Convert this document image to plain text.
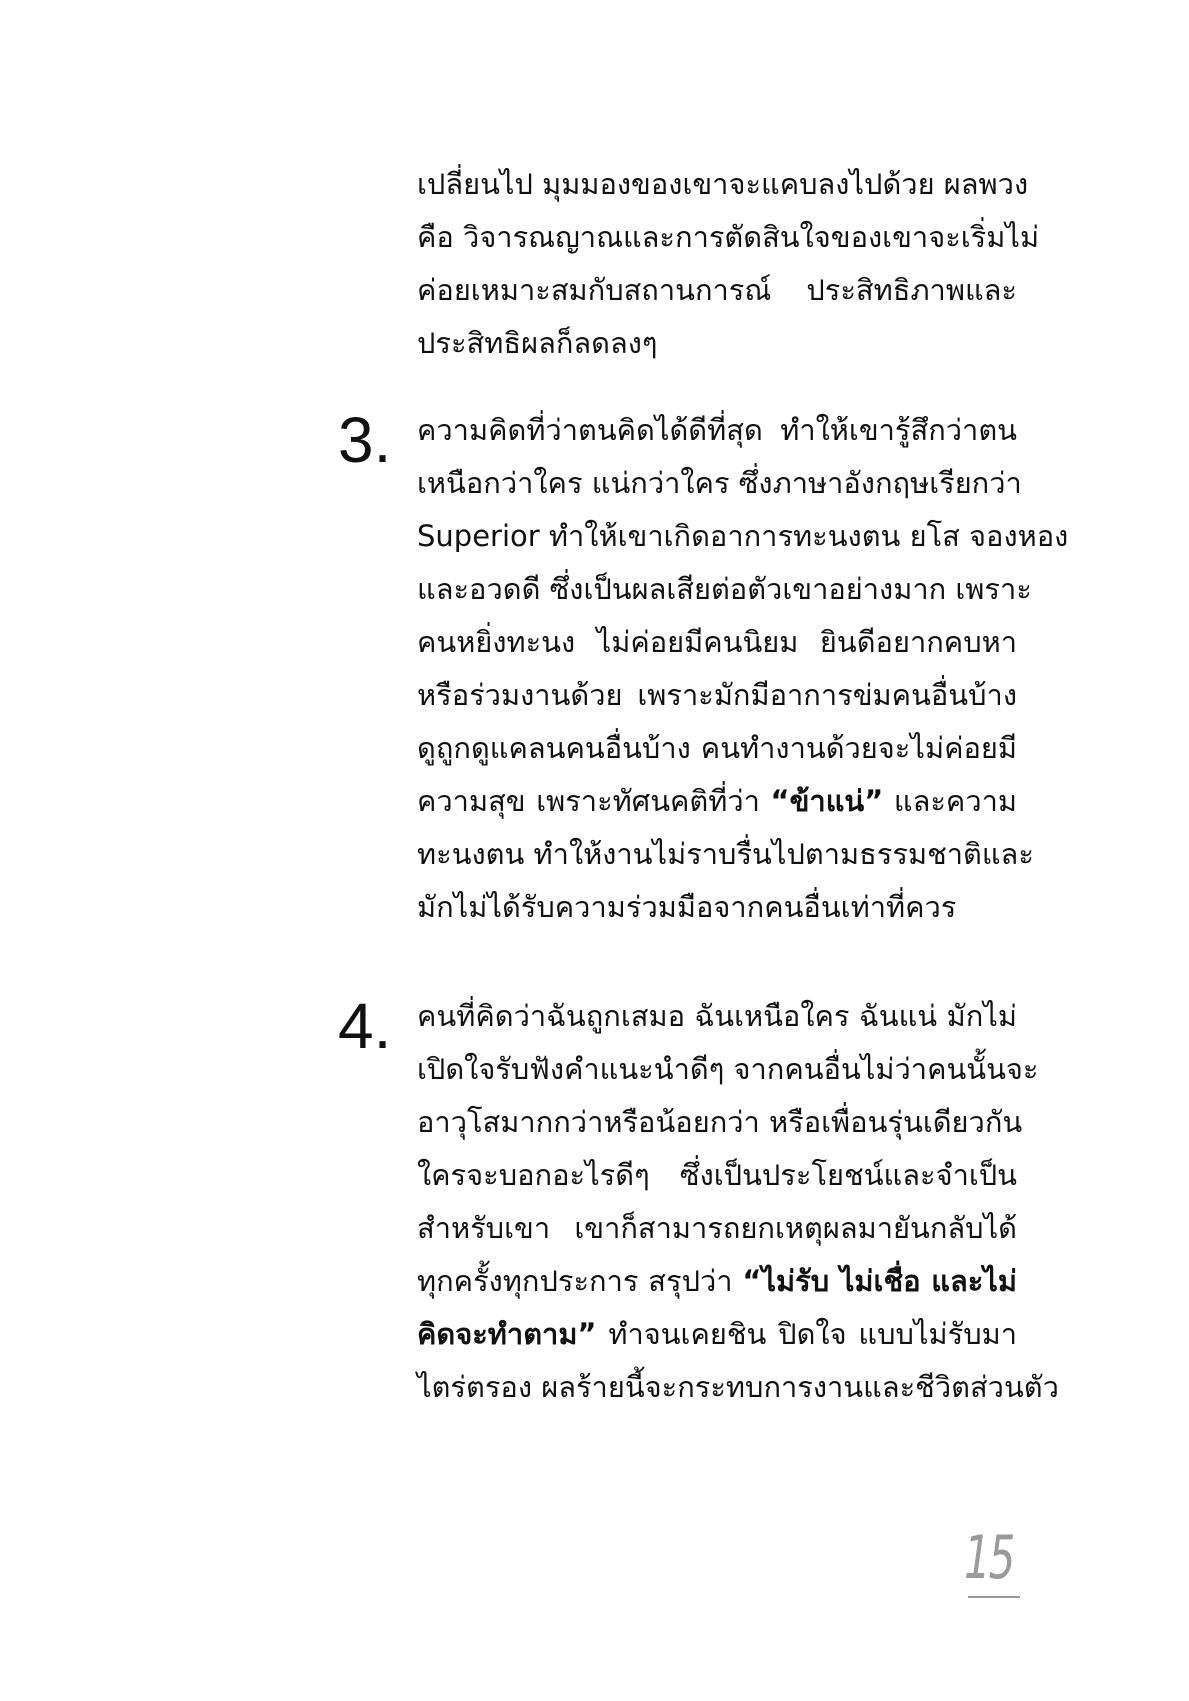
เปลี่ยนไป มุมมองของเขาจะแคบลงไปด้วย ผลพวง
คือ วิจารณญาณและการตัดสินใจของเขาจะเริ่มไม่
ค่อยเหมาะสมกับสถานการณ์ ประสิทธิภาพและ
ประสิทธิผลก็ลดลงๆ
3. ความคิดที่ว่าตนคิดได้ดีที่สุด ทำให้เขารู้สึกว่าตน
เหนือกว่าใคร แน่กว่าใคร ซึ่งภาษาอังกฤษเรียกว่า
Superior ทำให้เขาเกิดอาการทะนงตน ยโส จองหอง
และอวดดี ซึ่งเป็นผลเสียต่อตัวเขาอย่างมาก เพราะ
คนหยิ่งทะนง ไม่ค่อยมีคนนิยม ยินดีอยากคบหา
หรือร่วมงานด้วย เพราะมักมีอาการข่มคนอื่นบ้าง
ดูถูกดูแคลนคนอื่นบ้าง คนทำงานด้วยจะไม่ค่อยมี
ความสุข เพราะทัศนคติที่ว่า “ข้าแน่” และความ
ทะนงตน ทำให้งานไม่ราบรื่นไปตามธรรมชาติและ
มักไม่ได้รับความร่วมมือจากคนอื่นเท่าที่ควร
4. คนที่คิดว่าฉันถูกเสมอ ฉันเหนือใคร ฉันแน่ มักไม่
เปิดใจรับฟังคำแนะนำดีๆ จากคนอื่นไม่ว่าคนนั้นจะ
อาวุโสมากกว่าหรือน้อยกว่า หรือเพื่อนรุ่นเดียวกัน
ใครจะบอกอะไรดีๆ ซึ่งเป็นประโยชน์และจำเป็น
สำหรับเขา เขาก็สามารถยกเหตุผลมายันกลับได้
ทุกครั้งทุกประการ สรุปว่า “ไม่รับ ไม่เชื่อ และไม่
คิดจะทำตาม” ทำจนเคยชิน ปิดใจ แบบไม่รับมา
ไตร่ตรอง ผลร้ายนี้จะกระทบการงานและชีวิตส่วนตัว
15
